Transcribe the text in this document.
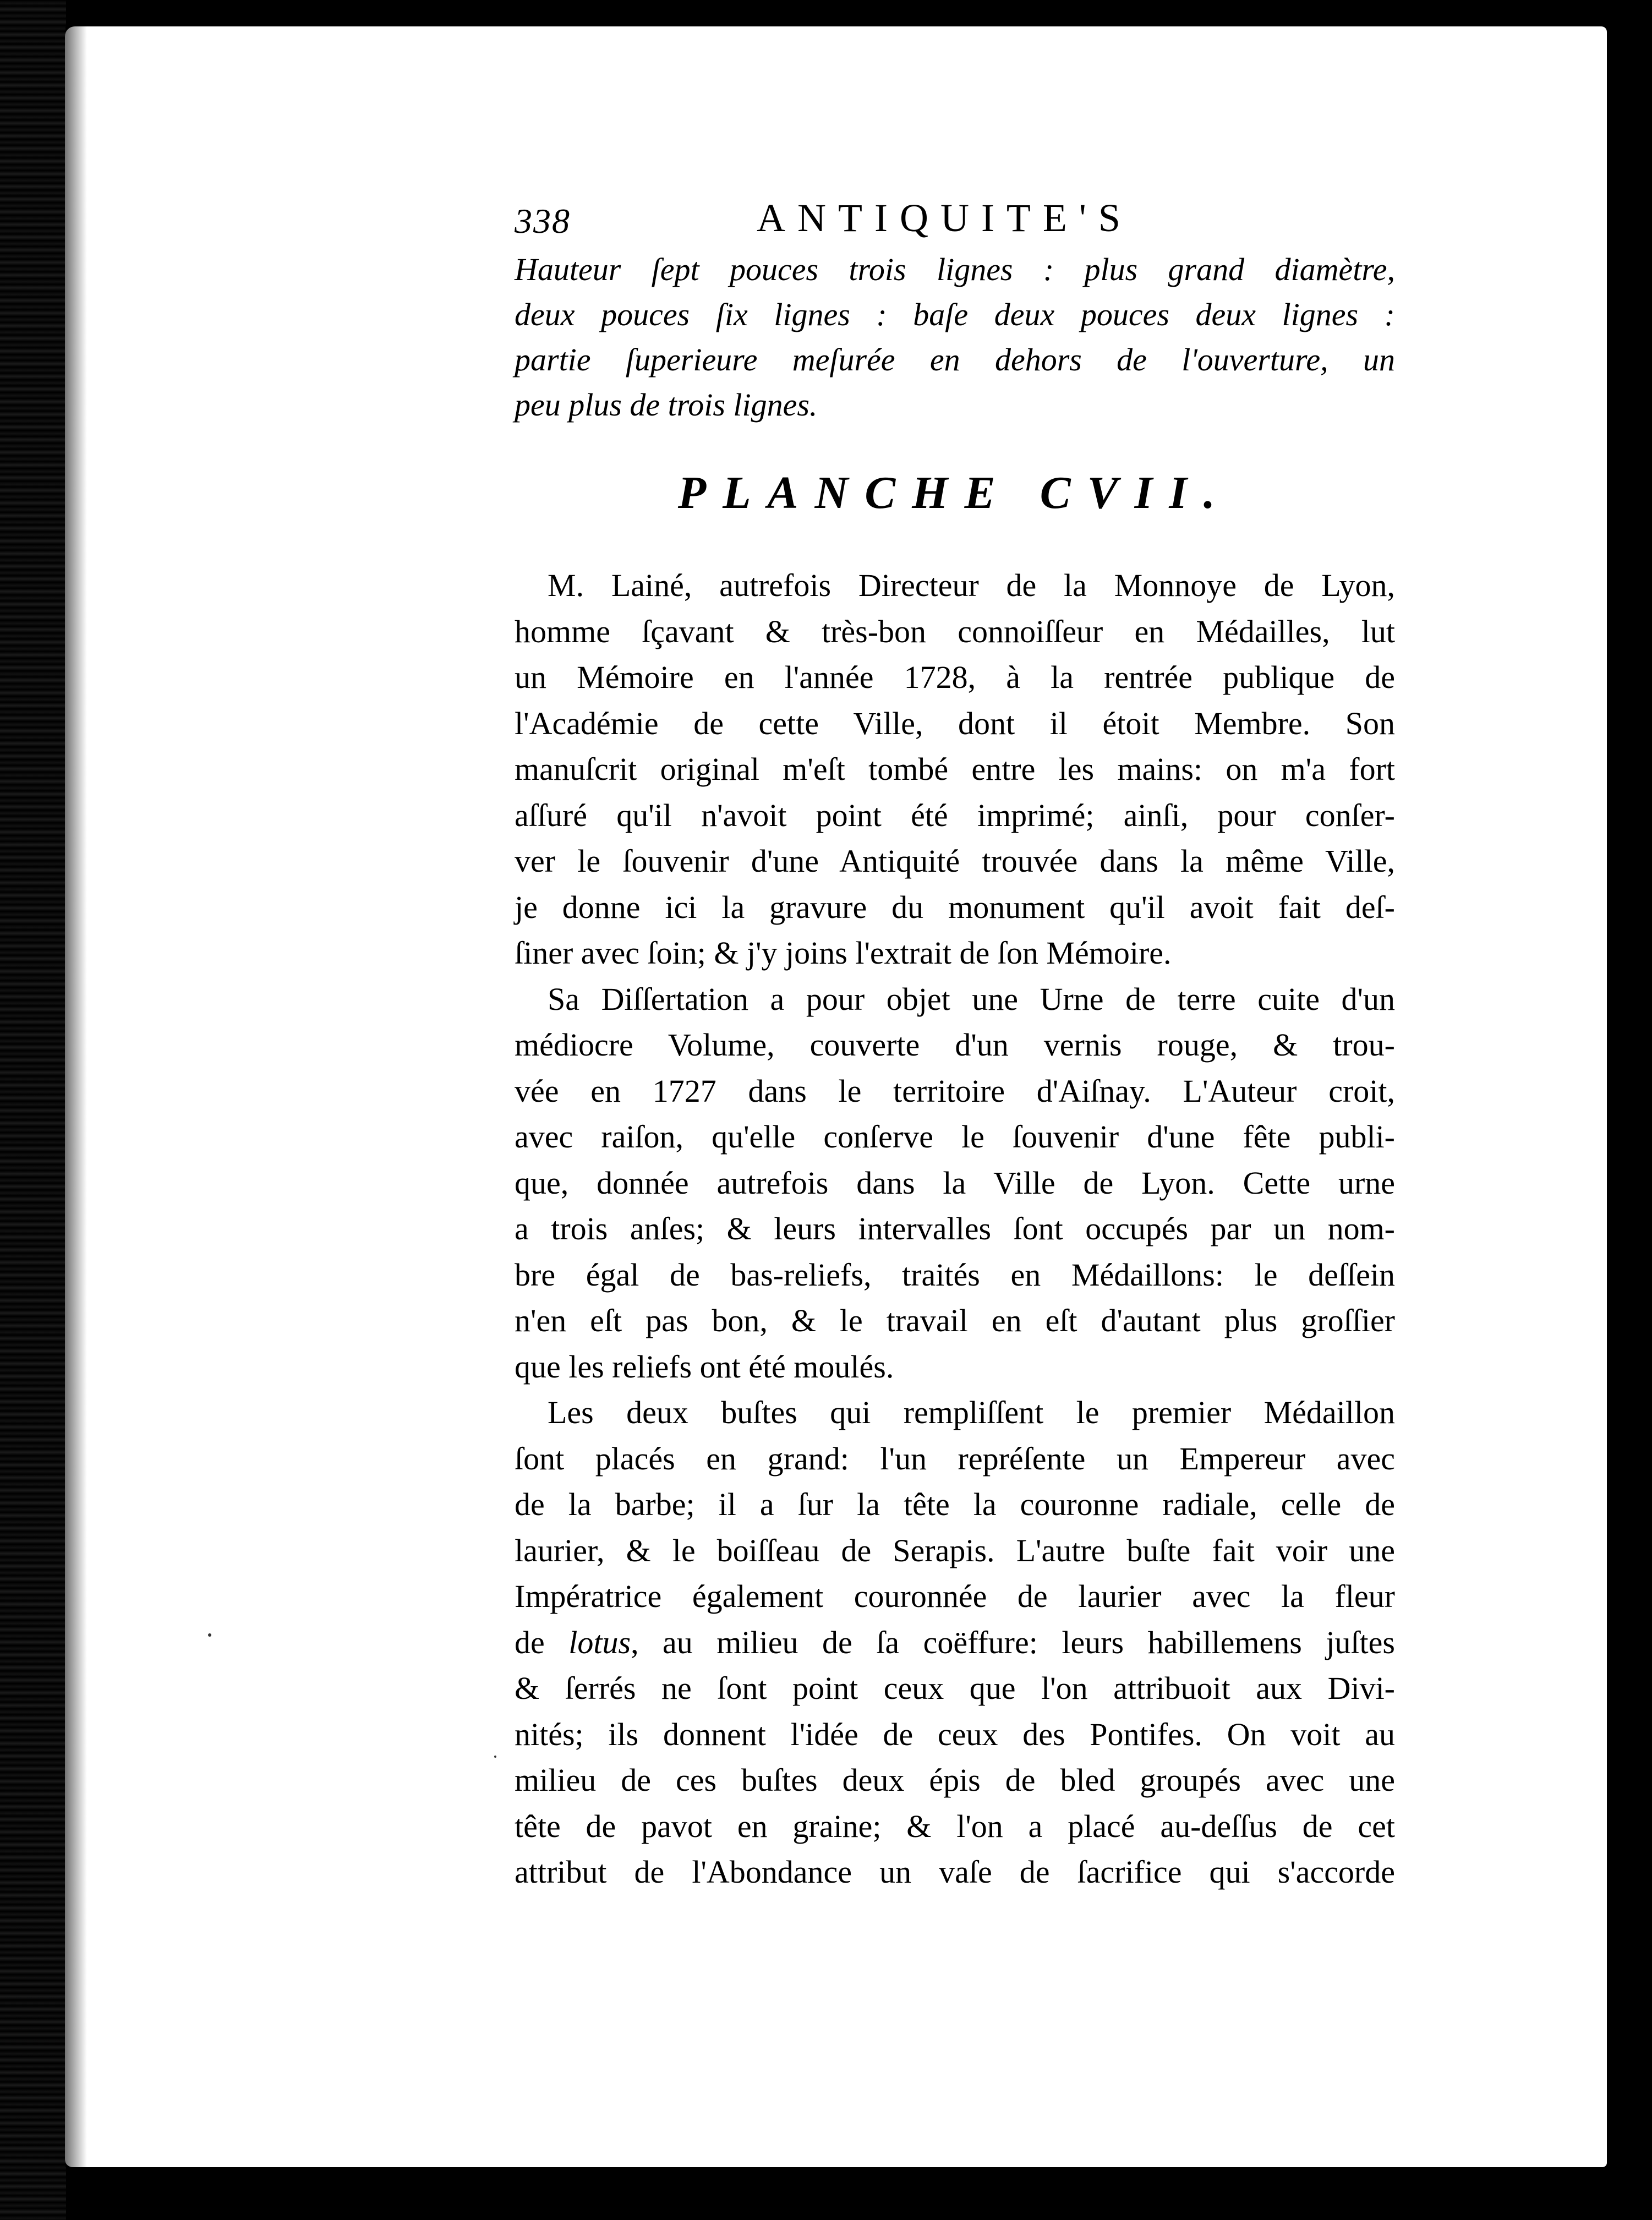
338	ANTIQUITE'S
Hauteur ſept pouces trois lignes : plus grand diamètre,
deux pouces ſix lignes : baſe deux pouces deux lignes :
partie ſuperieure meſurée en dehors de l'ouverture, un
peu plus de trois lignes.
PLANCHE CVII.
M. Lainé, autrefois Directeur de la Monnoye de Lyon,
homme ſçavant & très-bon connoiſſeur en Médailles, lut
un Mémoire en l'année 1728, à la rentrée publique de
l'Académie de cette Ville, dont il étoit Membre. Son
manuſcrit original m'eſt tombé entre les mains: on m'a fort
aſſuré qu'il n'avoit point été imprimé; ainſi, pour conſer-
ver le ſouvenir d'une Antiquité trouvée dans la même Ville,
je donne ici la gravure du monument qu'il avoit fait deſ-
ſiner avec ſoin; & j'y joins l'extrait de ſon Mémoire.
Sa Diſſertation a pour objet une Urne de terre cuite d'un
médiocre Volume, couverte d'un vernis rouge, & trou-
vée en 1727 dans le territoire d'Aiſnay. L'Auteur croit,
avec raiſon, qu'elle conſerve le ſouvenir d'une fête publi-
que, donnée autrefois dans la Ville de Lyon. Cette urne
a trois anſes; & leurs intervalles ſont occupés par un nom-
bre égal de bas-reliefs, traités en Médaillons: le deſſein
n'en eſt pas bon, & le travail en eſt d'autant plus groſſier
que les reliefs ont été moulés.
Les deux buſtes qui rempliſſent le premier Médaillon
ſont placés en grand: l'un repréſente un Empereur avec
de la barbe; il a ſur la tête la couronne radiale, celle de
laurier, & le boiſſeau de Serapis. L'autre buſte fait voir une
Impératrice également couronnée de laurier avec la fleur
de lotus, au milieu de ſa coëffure: leurs habillemens juſtes
& ſerrés ne ſont point ceux que l'on attribuoit aux Divi-
nités; ils donnent l'idée de ceux des Pontifes. On voit au
milieu de ces buſtes deux épis de bled groupés avec une
tête de pavot en graine; & l'on a placé au-deſſus de cet
attribut de l'Abondance un vaſe de ſacrifice qui s'accorde
